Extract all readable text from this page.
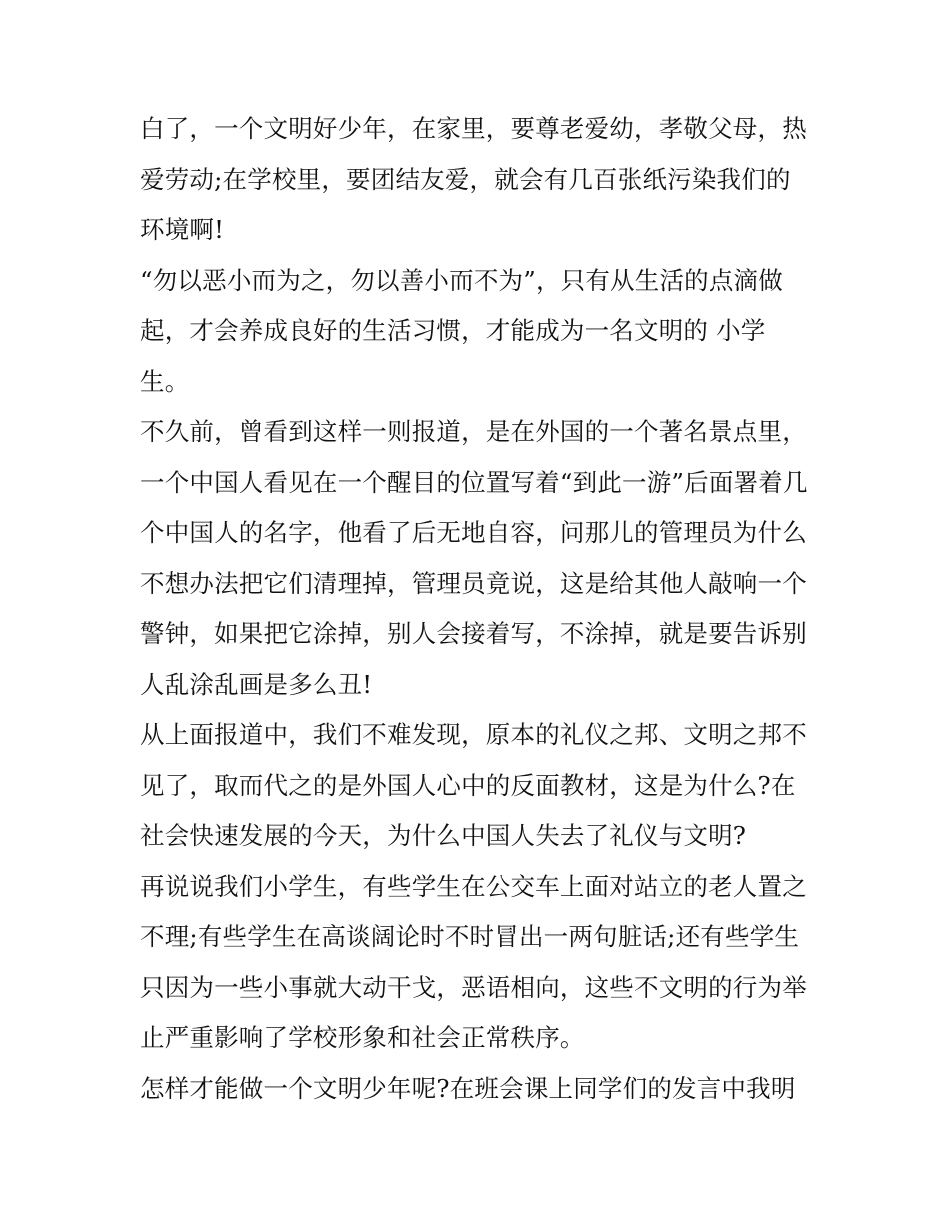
白了，一个文明好少年，在家里，要尊老爱幼，孝敬父母，热
爱劳动;在学校里，要团结友爱，就会有几百张纸污染我们的
环境啊!
“勿以恶小而为之，勿以善小而不为”，只有从生活的点滴做
起，才会养成良好的生活习惯，才能成为一名文明的 小学
生。
不久前，曾看到这样一则报道，是在外国的一个著名景点里，
一个中国人看见在一个醒目的位置写着“到此一游”后面署着几
个中国人的名字，他看了后无地自容，问那儿的管理员为什么
不想办法把它们清理掉，管理员竟说，这是给其他人敲响一个
警钟，如果把它涂掉，别人会接着写，不涂掉，就是要告诉别
人乱涂乱画是多么丑!
从上面报道中，我们不难发现，原本的礼仪之邦、文明之邦不
见了，取而代之的是外国人心中的反面教材，这是为什么?在
社会快速发展的今天，为什么中国人失去了礼仪与文明?
再说说我们小学生，有些学生在公交车上面对站立的老人置之
不理;有些学生在高谈阔论时不时冒出一两句脏话;还有些学生
只因为一些小事就大动干戈，恶语相向，这些不文明的行为举
止严重影响了学校形象和社会正常秩序。
怎样才能做一个文明少年呢?在班会课上同学们的发言中我明
